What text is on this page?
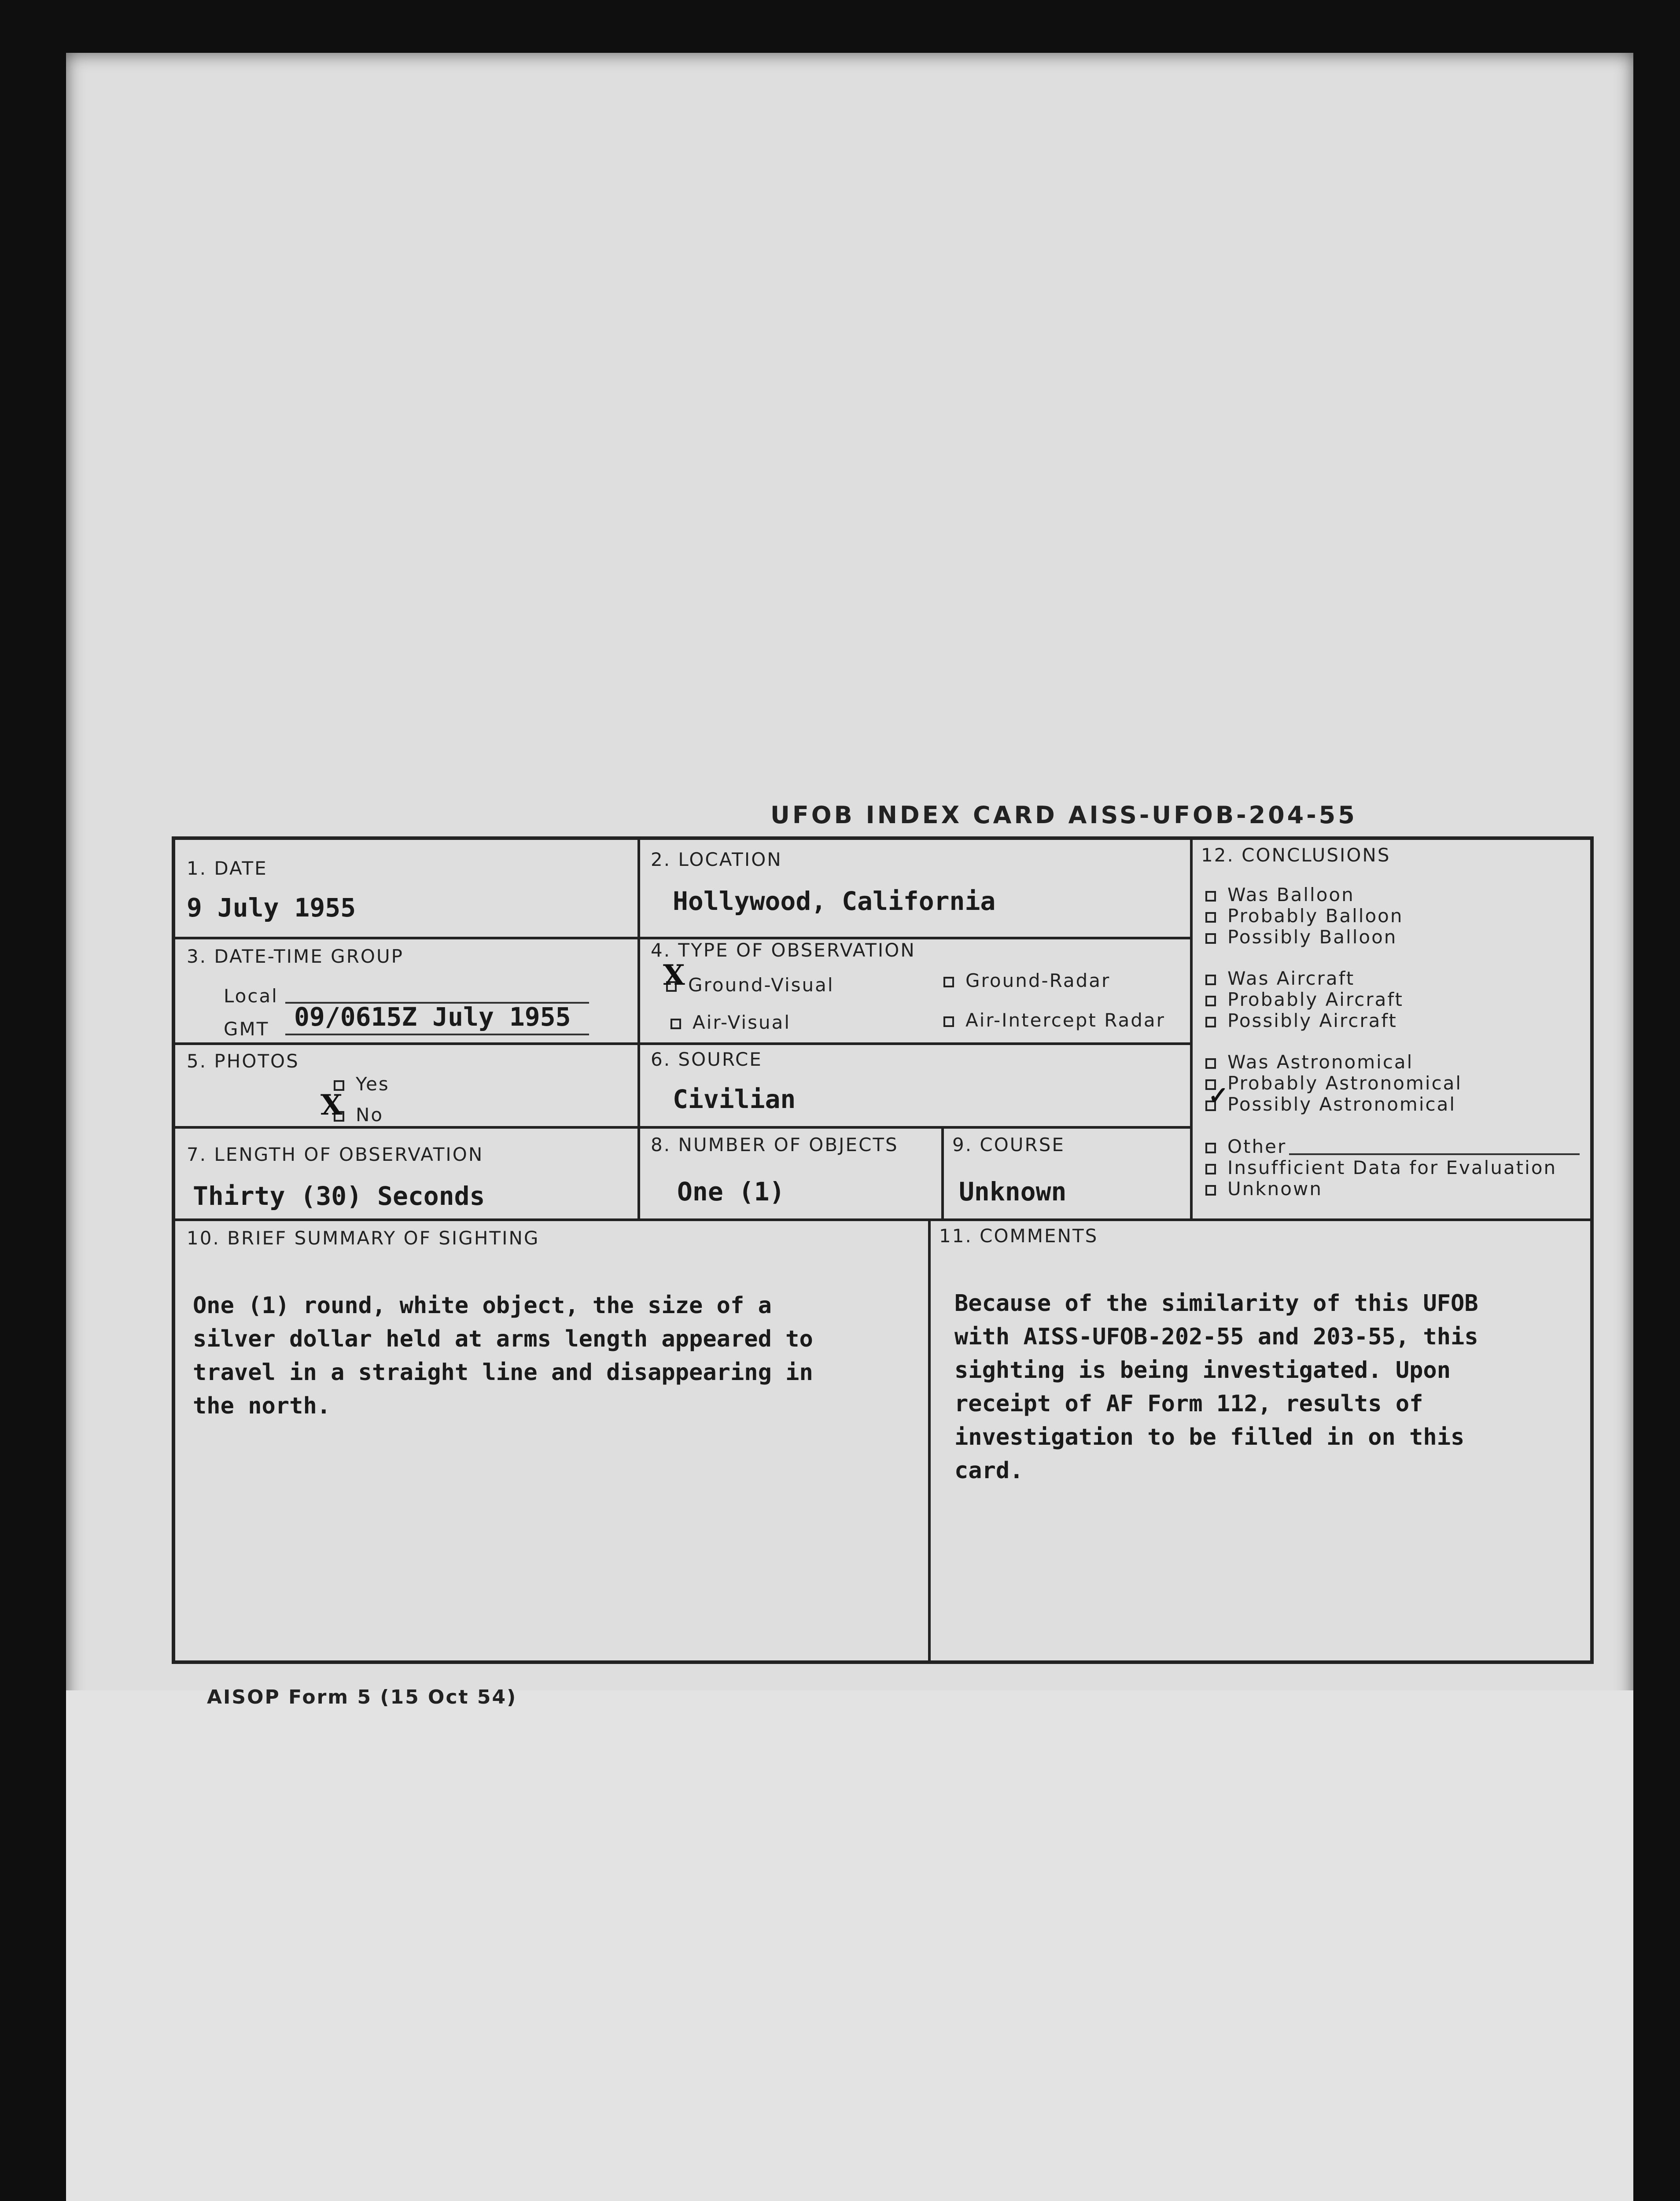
UFOB INDEX CARD AISS-UFOB-204-55
1. DATE
9 July 1955
2. LOCATION
Hollywood, California
3. DATE-TIME GROUP
Local
GMT 09/0615Z July 1955
4. TYPE OF OBSERVATION
Ground-Visual
X	Ground-Radar
Air-Visual	Air-Intercept Radar
5. PHOTOS
Yes
No
X
6. SOURCE
Civilian
7. LENGTH OF OBSERVATION
Thirty (30) Seconds
8. NUMBER OF OBJECTS
One (1)
9. COURSE
Unknown
12. CONCLUSIONS
Was Balloon
Probably Balloon
Possibly Balloon
Was Aircraft
Probably Aircraft
Possibly Aircraft
Was Astronomical
Probably Astronomical
Possibly Astronomical
✓
Other
Insufficient Data for Evaluation
Unknown
10. BRIEF SUMMARY OF SIGHTING
One (1) round, white object, the size of a
silver dollar held at arms length appeared to
travel in a straight line and disappearing in
the north.
11. COMMENTS
Because of the similarity of this UFOB
with AISS-UFOB-202-55 and 203-55, this
sighting is being investigated. Upon
receipt of AF Form 112, results of
investigation to be filled in on this
card.
AISOP Form 5 (15 Oct 54)
